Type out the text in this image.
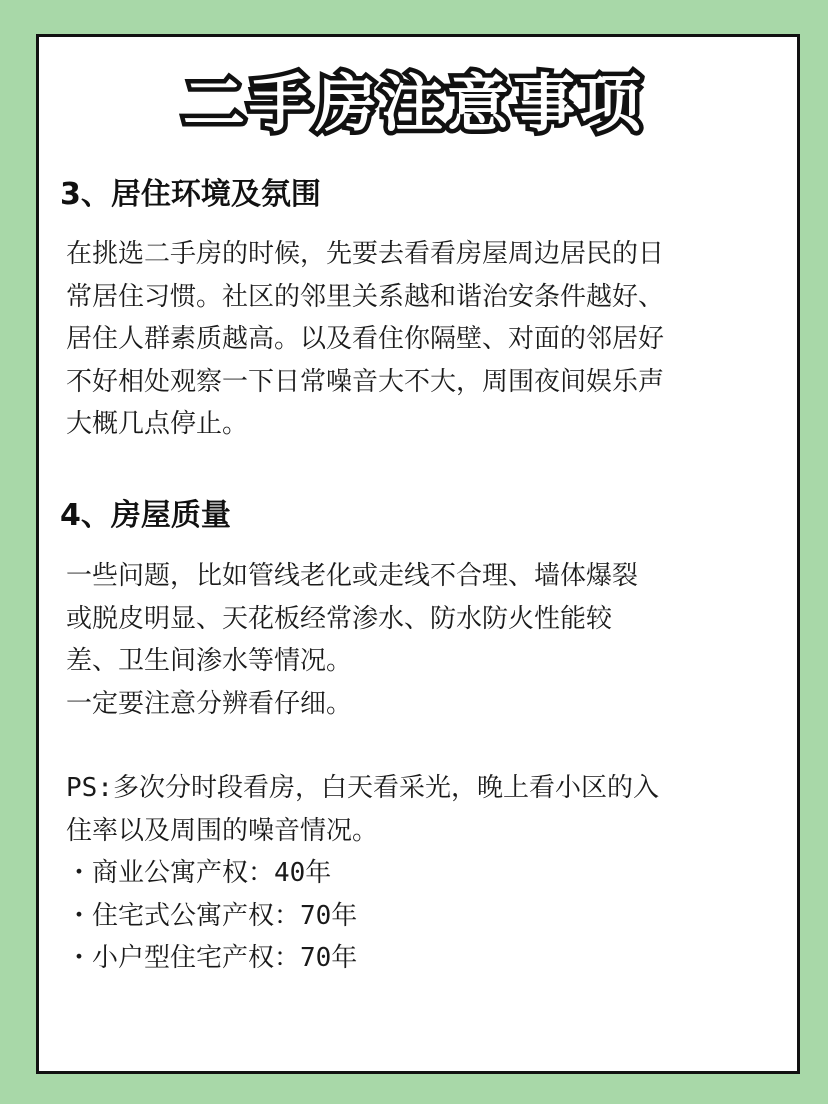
二手房注意事项
3、居住环境及氛围
在挑选二手房的时候，先要去看看房屋周边居民的日
常居住习惯。社区的邻里关系越和谐治安条件越好、
居住人群素质越高。以及看住你隔壁、对面的邻居好
不好相处观察一下日常噪音大不大，周围夜间娱乐声
大概几点停止。
4、房屋质量
一些问题，比如管线老化或走线不合理、墙体爆裂
或脱皮明显、天花板经常渗水、防水防火性能较
差、卫生间渗水等情况。
一定要注意分辨看仔细。
PS:多次分时段看房，白天看采光，晚上看小区的入
住率以及周围的噪音情况。
・商业公寓产权：40年
・住宅式公寓产权：70年
・小户型住宅产权：70年
